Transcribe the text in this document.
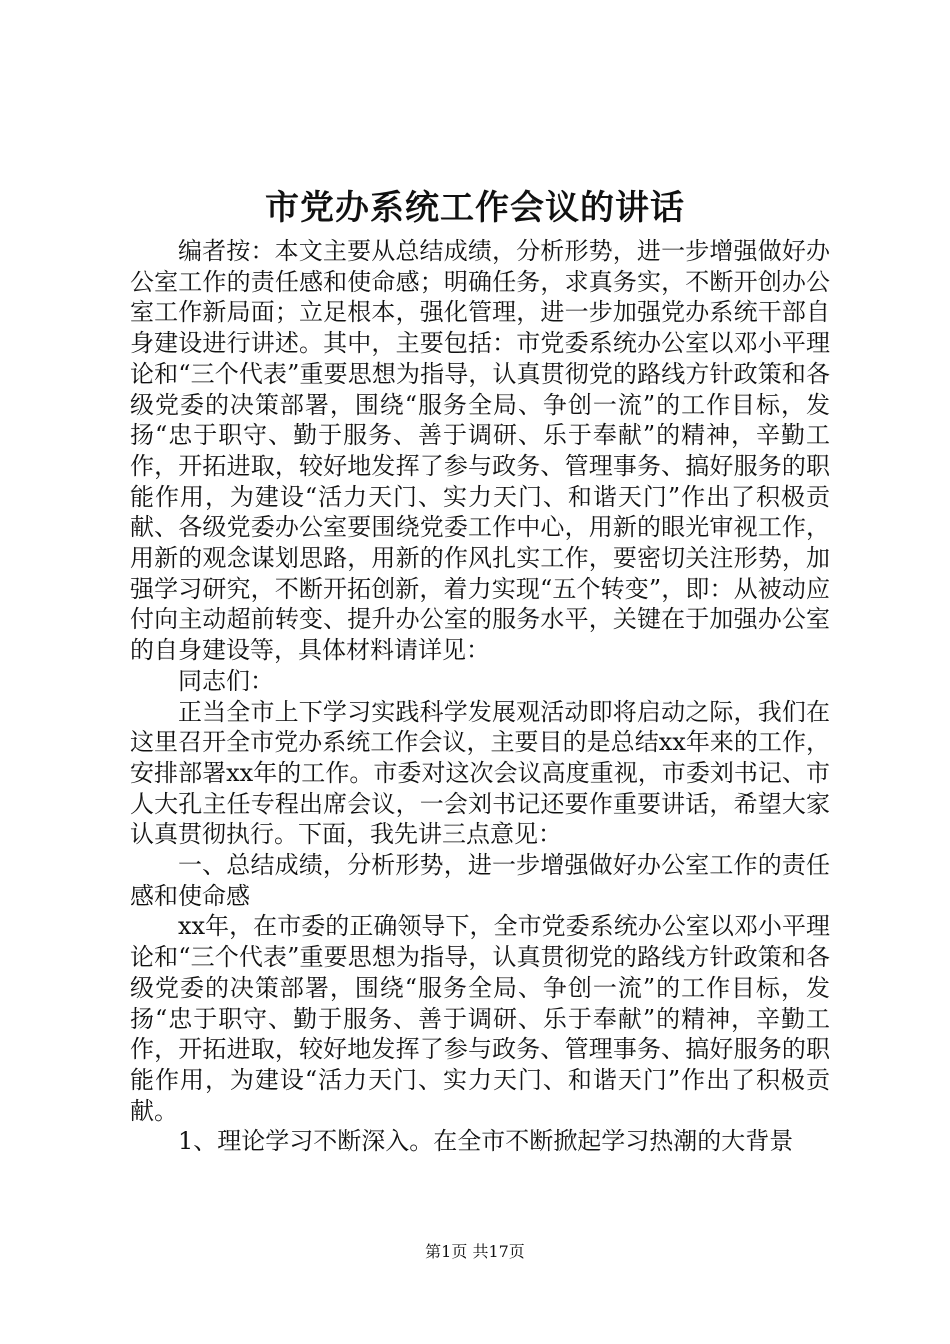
市党办系统工作会议的讲话

编者按：本文主要从总结成绩，分析形势，进一步增强做好办公室工作的责任感和使命感；明确任务，求真务实，不断开创办公室工作新局面；立足根本，强化管理，进一步加强党办系统干部自身建设进行讲述。其中，主要包括：市党委系统办公室以邓小平理论和“三个代表”重要思想为指导，认真贯彻党的路线方针政策和各级党委的决策部署，围绕“服务全局、争创一流”的工作目标，发扬“忠于职守、勤于服务、善于调研、乐于奉献”的精神，辛勤工作，开拓进取，较好地发挥了参与政务、管理事务、搞好服务的职能作用，为建设“活力天门、实力天门、和谐天门”作出了积极贡献、各级党委办公室要围绕党委工作中心，用新的眼光审视工作，用新的观念谋划思路，用新的作风扎实工作，要密切关注形势，加强学习研究，不断开拓创新，着力实现“五个转变”，即：从被动应付向主动超前转变、提升办公室的服务水平，关键在于加强办公室的自身建设等，具体材料请详见：

同志们：

正当全市上下学习实践科学发展观活动即将启动之际，我们在这里召开全市党办系统工作会议，主要目的是总结xx年来的工作，安排部署xx年的工作。市委对这次会议高度重视，市委刘书记、市人大孔主任专程出席会议，一会刘书记还要作重要讲话，希望大家认真贯彻执行。下面，我先讲三点意见：

一、总结成绩，分析形势，进一步增强做好办公室工作的责任感和使命感

xx年，在市委的正确领导下，全市党委系统办公室以邓小平理论和“三个代表”重要思想为指导，认真贯彻党的路线方针政策和各级党委的决策部署，围绕“服务全局、争创一流”的工作目标，发扬“忠于职守、勤于服务、善于调研、乐于奉献”的精神，辛勤工作，开拓进取，较好地发挥了参与政务、管理事务、搞好服务的职能作用，为建设“活力天门、实力天门、和谐天门”作出了积极贡献。

1、理论学习不断深入。在全市不断掀起学习热潮的大背景

第1页 共17页
